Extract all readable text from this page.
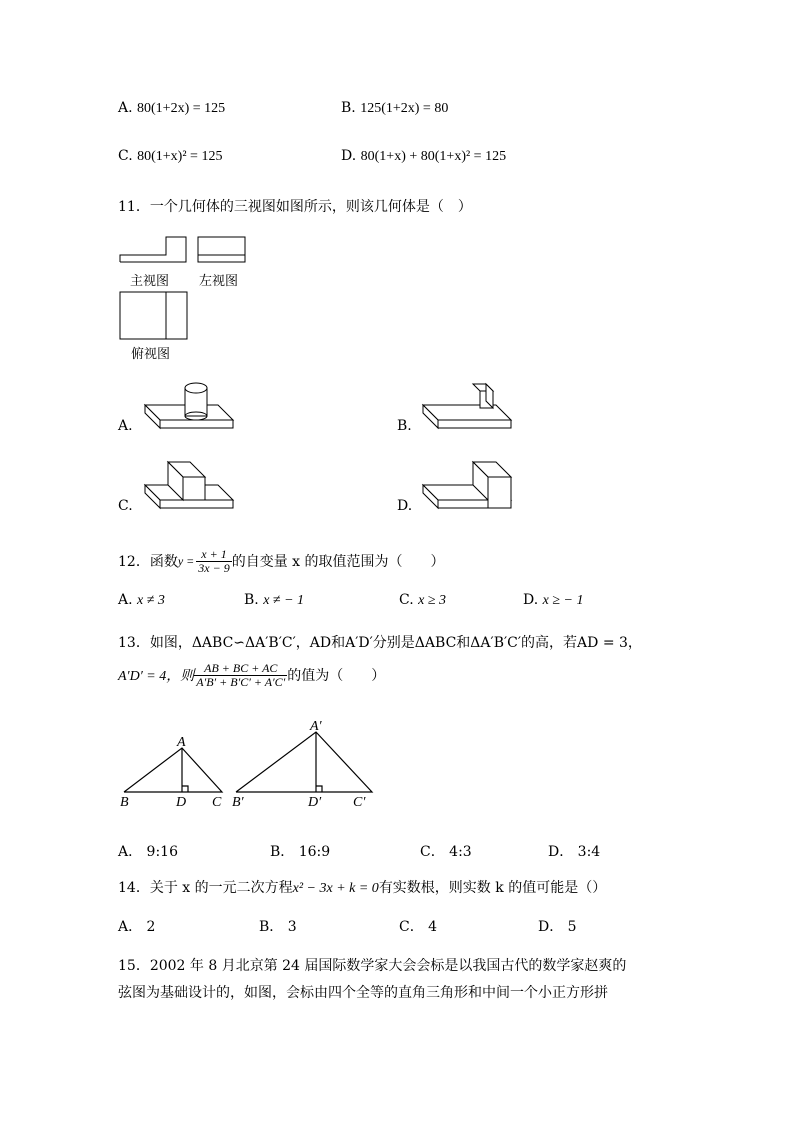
A. 80(1+2x) = 125	B. 125(1+2x) = 80
C. 80(1+x)² = 125	D. 80(1+x) + 80(1+x)² = 125
11．一个几何体的三视图如图所示，则该几何体是（　）
主视图 左视图
俯视图
A.	B.
C.	D.
12．函数 $y = \frac{x + 1}{3x - 9}$ 的自变量 x 的取值范围为（　　）
A. x ≠ 3	B. x ≠ − 1	C. x ≥ 3	D. x ≥ − 1
13．如图，ΔABC∽ΔA′B′C′，AD和A′D′分别是ΔABC和ΔA′B′C′的高，若AD = 3，
A′D′ = 4，则 $\frac{AB + BC + AC}{A'B' + B'C' + A'C'}$ 的值为（　　）
A
B	D C
A′
B′	D′ C′
A． 9:16	B． 16:9	C． 4:3	D． 3:4
14．关于 x 的一元二次方程x² − 3x + k = 0有实数根，则实数 k 的值可能是（）
A． 2	B． 3	C． 4	D． 5
15．2002 年 8 月北京第 24 届国际数学家大会会标是以我国古代的数学家赵爽的
弦图为基础设计的，如图，会标由四个全等的直角三角形和中间一个小正方形拼
